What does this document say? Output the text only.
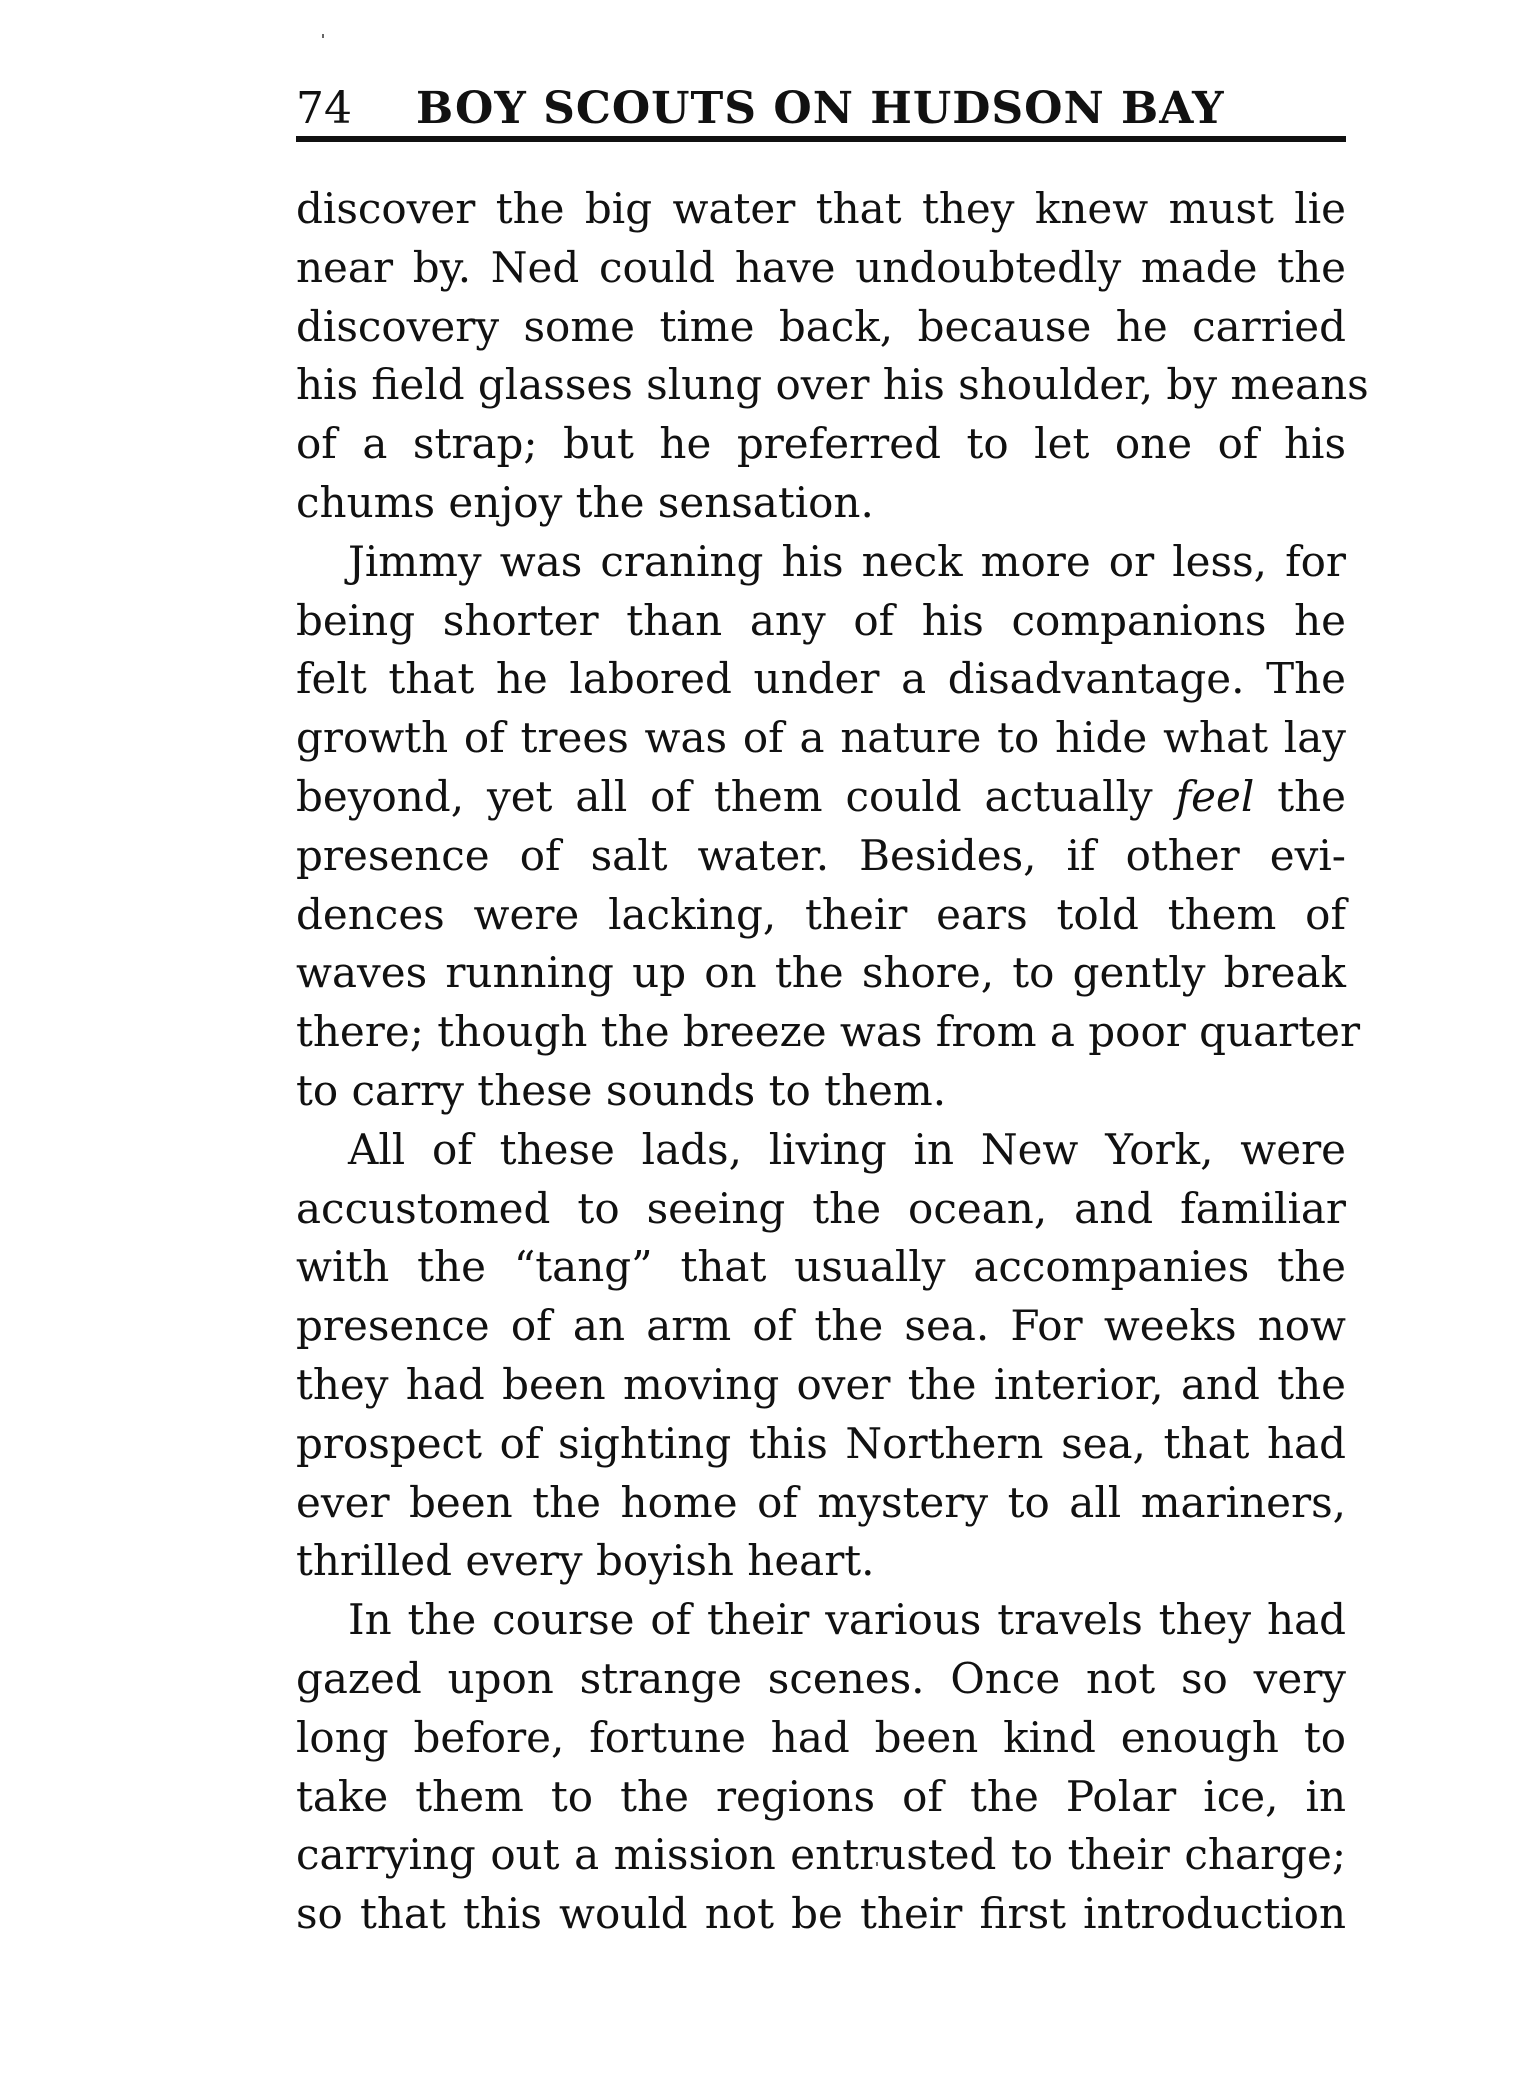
74 BOY SCOUTS ON HUDSON BAY
discover the big water that they knew must lie
near by. Ned could have undoubtedly made the
discovery some time back, because he carried
his field glasses slung over his shoulder, by means
of a strap; but he preferred to let one of his
chums enjoy the sensation.
Jimmy was craning his neck more or less, for
being shorter than any of his companions he
felt that he labored under a disadvantage. The
growth of trees was of a nature to hide what lay
beyond, yet all of them could actually feel the
presence of salt water. Besides, if other evi-
dences were lacking, their ears told them of
waves running up on the shore, to gently break
there; though the breeze was from a poor quarter
to carry these sounds to them.
All of these lads, living in New York, were
accustomed to seeing the ocean, and familiar
with the “tang” that usually accompanies the
presence of an arm of the sea. For weeks now
they had been moving over the interior, and the
prospect of sighting this Northern sea, that had
ever been the home of mystery to all mariners,
thrilled every boyish heart.
In the course of their various travels they had
gazed upon strange scenes. Once not so very
long before, fortune had been kind enough to
take them to the regions of the Polar ice, in
carrying out a mission entrusted to their charge;
so that this would not be their first introduction
